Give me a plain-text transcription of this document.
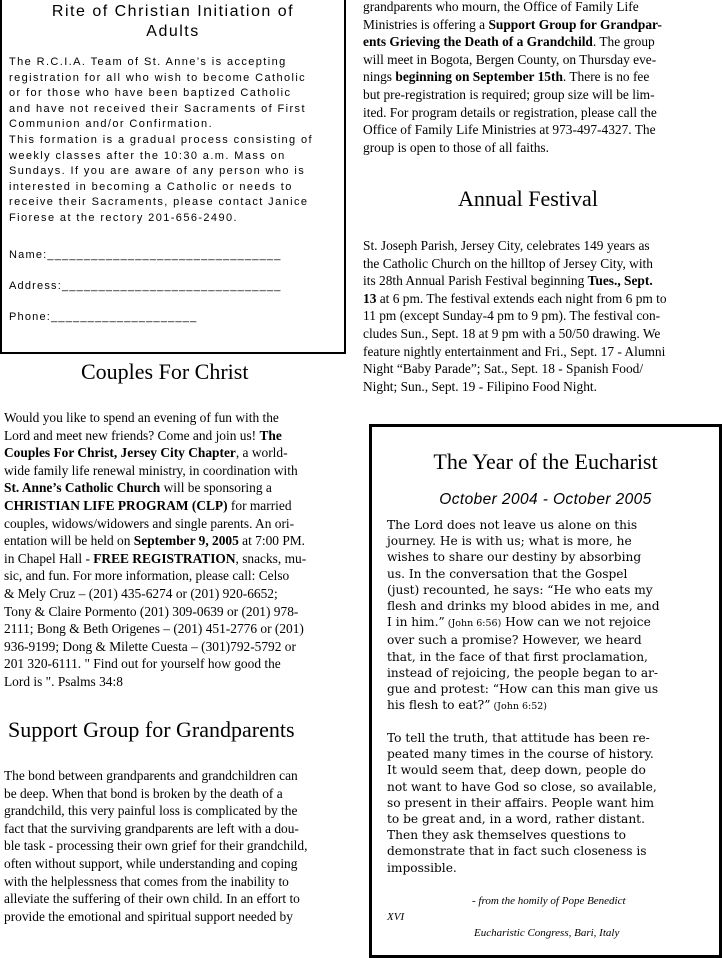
Rite of Christian Initiation of
Adults
The R.C.I.A. Team of St. Anne’s is accepting
registration for all who wish to become Catholic
or for those who have been baptized Catholic
and have not received their Sacraments of First
Communion and/or Confirmation.
This formation is a gradual process consisting of
weekly classes after the 10:30 a.m. Mass on
Sundays. If you are aware of any person who is
interested in becoming a Catholic or needs to
receive their Sacraments, please contact Janice
Fiorese at the rectory 201-656-2490.
Name:________________________________
Address:______________________________
Phone:____________________
grandparents who mourn, the Office of Family Life
Ministries is offering a Support Group for Grandpar-
ents Grieving the Death of a Grandchild. The group
will meet in Bogota, Bergen County, on Thursday eve-
nings beginning on September 15th. There is no fee
but pre-registration is required; group size will be lim-
ited. For program details or registration, please call the
Office of Family Life Ministries at 973-497-4327. The
group is open to those of all faiths.
Annual Festival
St. Joseph Parish, Jersey City, celebrates 149 years as
the Catholic Church on the hilltop of Jersey City, with
its 28th Annual Parish Festival beginning Tues., Sept.
13 at 6 pm. The festival extends each night from 6 pm to
11 pm (except Sunday-4 pm to 9 pm). The festival con-
cludes Sun., Sept. 18 at 9 pm with a 50/50 drawing. We
feature nightly entertainment and Fri., Sept. 17 - Alumni
Night “Baby Parade”; Sat., Sept. 18 - Spanish Food/
Night; Sun., Sept. 19 - Filipino Food Night.
Couples For Christ
Would you like to spend an evening of fun with the
Lord and meet new friends? Come and join us! The
Couples For Christ, Jersey City Chapter, a world-
wide family life renewal ministry, in coordination with
St. Anne’s Catholic Church will be sponsoring a
CHRISTIAN LIFE PROGRAM (CLP) for married
couples, widows/widowers and single parents. An ori-
entation will be held on September 9, 2005 at 7:00 PM.
in Chapel Hall - FREE REGISTRATION, snacks, mu-
sic, and fun. For more information, please call: Celso
& Mely Cruz – (201) 435-6274 or (201) 920-6652;
Tony & Claire Pormento (201) 309-0639 or (201) 978-
2111; Bong & Beth Origenes – (201) 451-2776 or (201)
936-9199; Dong & Milette Cuesta – (301)792-5792 or
201 320-6111. " Find out for yourself how good the
Lord is ". Psalms 34:8
Support Group for Grandparents
The bond between grandparents and grandchildren can
be deep. When that bond is broken by the death of a
grandchild, this very painful loss is complicated by the
fact that the surviving grandparents are left with a dou-
ble task - processing their own grief for their grandchild,
often without support, while understanding and coping
with the helplessness that comes from the inability to
alleviate the suffering of their own child. In an effort to
provide the emotional and spiritual support needed by
The Year of the Eucharist
October 2004 - October 2005
The Lord does not leave us alone on this
journey. He is with us; what is more, he
wishes to share our destiny by absorbing
us. In the conversation that the Gospel
(just) recounted, he says: “He who eats my
flesh and drinks my blood abides in me, and
I in him.” (John 6:56) How can we not rejoice
over such a promise? However, we heard
that, in the face of that first proclamation,
instead of rejoicing, the people began to ar-
gue and protest: “How can this man give us
his flesh to eat?” (John 6:52)
To tell the truth, that attitude has been re-
peated many times in the course of history.
It would seem that, deep down, people do
not want to have God so close, so available,
so present in their affairs. People want him
to be great and, in a word, rather distant.
Then they ask themselves questions to
demonstrate that in fact such closeness is
impossible.
- from the homily of Pope Benedict
XVI
Eucharistic Congress, Bari, Italy
